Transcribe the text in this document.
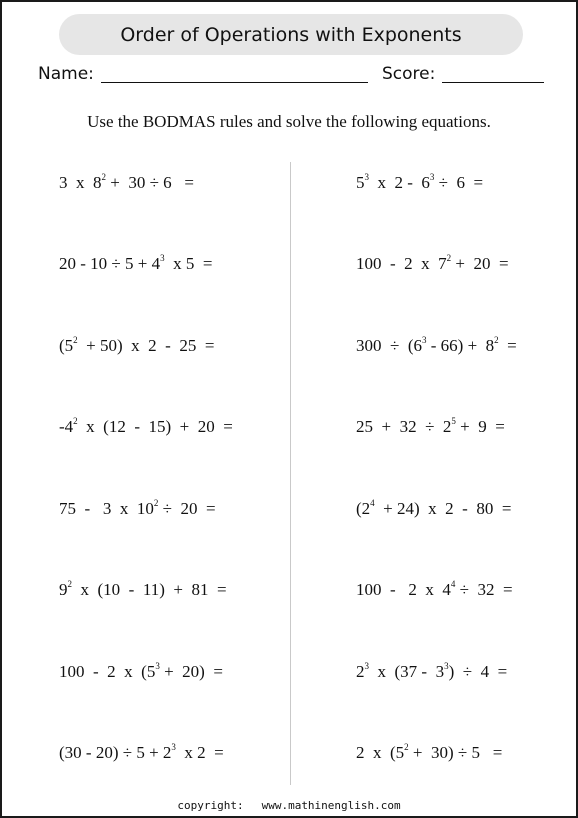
Order of Operations with Exponents
Name:	Score:
Use the BODMAS rules and solve the following equations.
3  x  $8^2 + 30 \div 6$   =
$20 - 10 \div 5 + 4^3$  x 5  =
$(5^2 + 50)$  x  2  -  25  =
$-4^2$  x  (12  -  15)  +  20  =
75  -   3  x  $10^2 \div 20$  =
$9^2$  x  (10  -  11)  +  81  =
100  -  2  x  $(5^3 + 20)$  =
$(30 - 20) \div 5 + 2^3$  x 2  =
$5^3$  x  $2 - 6^3 \div 6$  =
100  -  2  x  $7^2 + 20$  =
$300 \div (6^3 - 66) + 8^2$  =
$25 + 32 \div 2^5 + 9$  =
$(2^4 + 24)$  x  2  -  80  =
100  -   2  x  $4^4 \div 32$  =
$2^3$  x  $(37 - 3^3) \div 4$  =
2  x  $(5^2 + 30) \div 5$   =
copyright: www.mathinenglish.com
